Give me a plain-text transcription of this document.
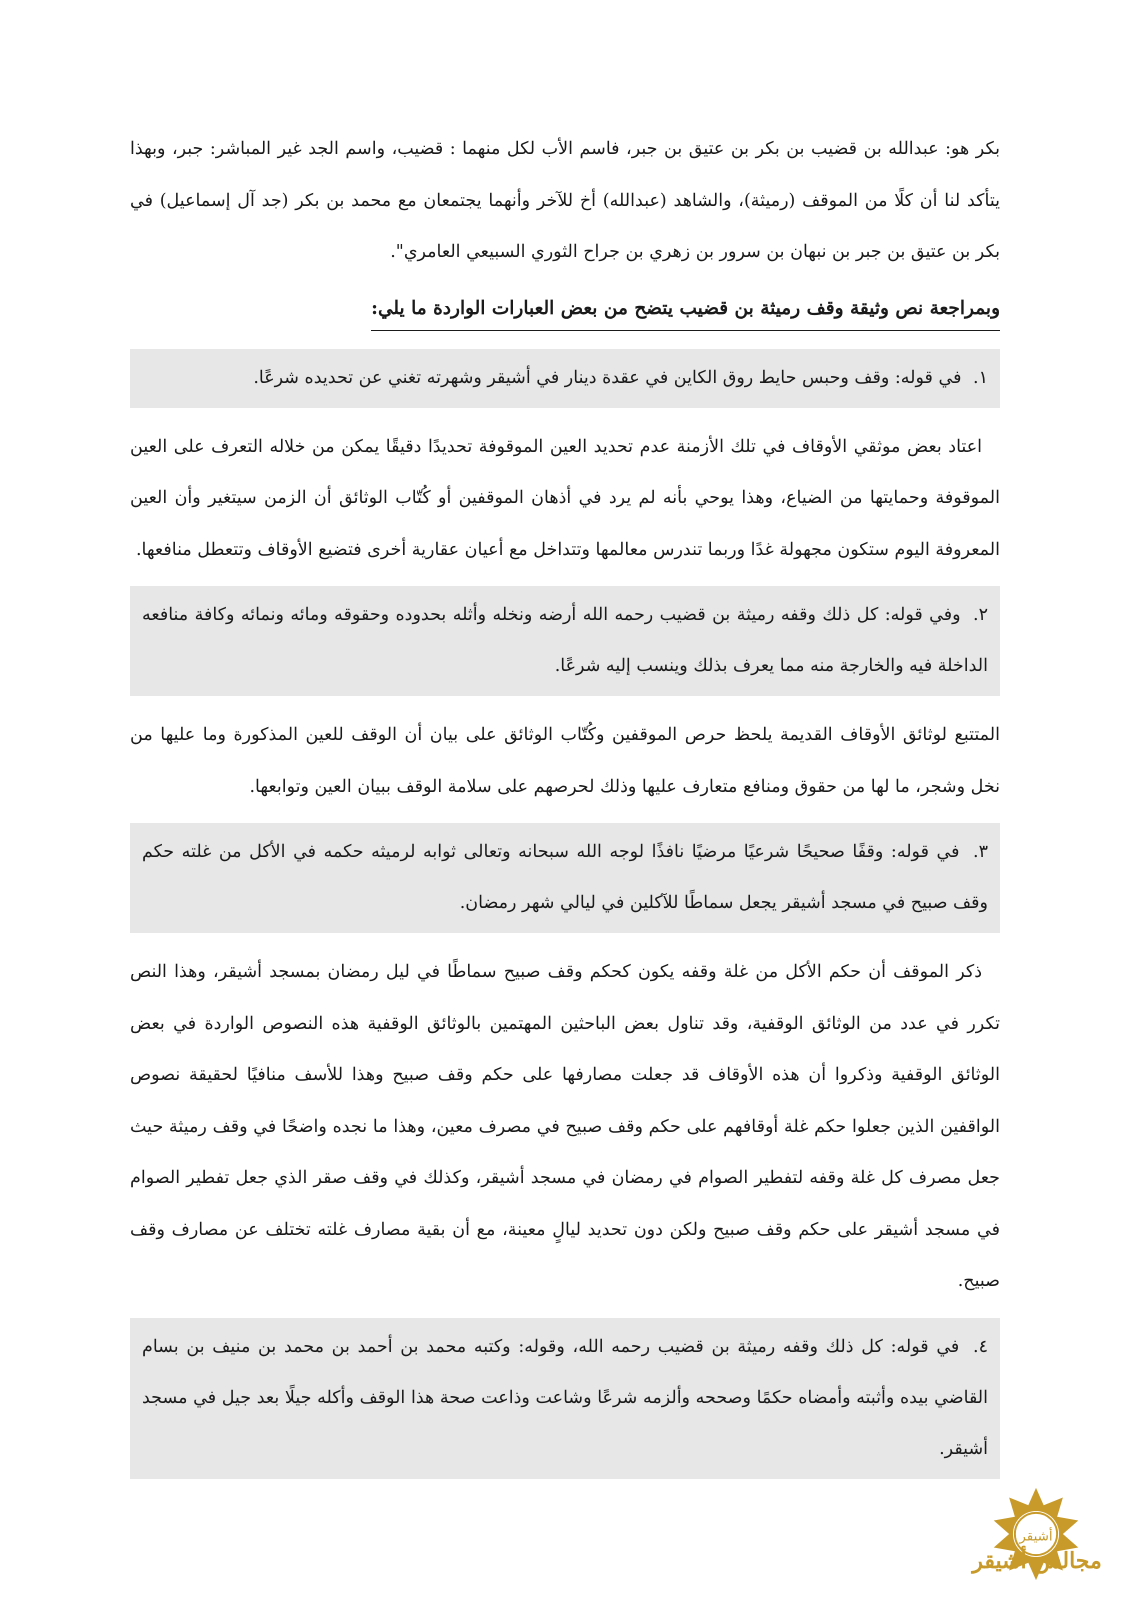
بكر هو: عبدالله بن قضيب بن بكر بن عتيق بن جبر، فاسم الأب لكل منهما : قضيب، واسم الجد غير المباشر: جبر، وبهذا يتأكد لنا أن كلًا من الموقف (رميثة)، والشاهد (عبدالله) أخ للآخر وأنهما يجتمعان مع محمد بن بكر (جد آل إسماعيل) في بكر بن عتيق بن جبر بن نبهان بن سرور بن زهري بن جراح الثوري السبيعي العامري".

وبمراجعة نص وثيقة وقف رميثة بن قضيب يتضح من بعض العبارات الواردة ما يلي:
١. في قوله: وقف وحبس حايط روق الكاين في عقدة دينار في أشيقر وشهرته تغني عن تحديده شرعًا.

اعتاد بعض موثقي الأوقاف في تلك الأزمنة عدم تحديد العين الموقوفة تحديدًا دقيقًا يمكن من خلاله التعرف على العين الموقوفة وحمايتها من الضياع، وهذا يوحي بأنه لم يرد في أذهان الموقفين أو كُتّاب الوثائق أن الزمن سيتغير وأن العين المعروفة اليوم ستكون مجهولة غدًا وربما تندرس معالمها وتتداخل مع أعيان عقارية أخرى فتضيع الأوقاف وتتعطل منافعها.

٢. وفي قوله: كل ذلك وقفه رميثة بن قضيب رحمه الله أرضه ونخله وأثله بحدوده وحقوقه ومائه ونمائه وكافة منافعه الداخلة فيه والخارجة منه مما يعرف بذلك وينسب إليه شرعًا.

المتتبع لوثائق الأوقاف القديمة يلحظ حرص الموقفين وكُتّاب الوثائق على بيان أن الوقف للعين المذكورة وما عليها من نخل وشجر، ما لها من حقوق ومنافع متعارف عليها وذلك لحرصهم على سلامة الوقف ببيان العين وتوابعها.

٣. في قوله: وقفًا صحيحًا شرعيًا مرضيًا نافذًا لوجه الله سبحانه وتعالى ثوابه لرميثه حكمه في الأكل من غلته حكم وقف صبيح في مسجد أشيقر يجعل سماطًا للآكلين في ليالي شهر رمضان.

ذكر الموقف أن حكم الأكل من غلة وقفه يكون كحكم وقف صبيح سماطًا في ليل رمضان بمسجد أشيقر، وهذا النص تكرر في عدد من الوثائق الوقفية، وقد تناول بعض الباحثين المهتمين بالوثائق الوقفية هذه النصوص الواردة في بعض الوثائق الوقفية وذكروا أن هذه الأوقاف قد جعلت مصارفها على حكم وقف صبيح وهذا للأسف منافيًا لحقيقة نصوص الواقفين الذين جعلوا حكم غلة أوقافهم على حكم وقف صبيح في مصرف معين، وهذا ما نجده واضحًا في وقف رميثة حيث جعل مصرف كل غلة وقفه لتفطير الصوام في رمضان في مسجد أشيقر، وكذلك في وقف صقر الذي جعل تفطير الصوام في مسجد أشيقر على حكم وقف صبيح ولكن دون تحديد ليالٍ معينة، مع أن بقية مصارف غلته تختلف عن مصارف وقف صبيح.

٤. في قوله: كل ذلك وقفه رميثة بن قضيب رحمه الله، وقوله: وكتبه محمد بن أحمد بن محمد بن منيف بن بسام القاضي بيده وأثبته وأمضاه حكمًا وصححه وألزمه شرعًا وشاعت وذاعت صحة هذا الوقف وأكله جيلًا بعد جيل في مسجد أشيقر.
أشيقر
مجالس أشيقر
